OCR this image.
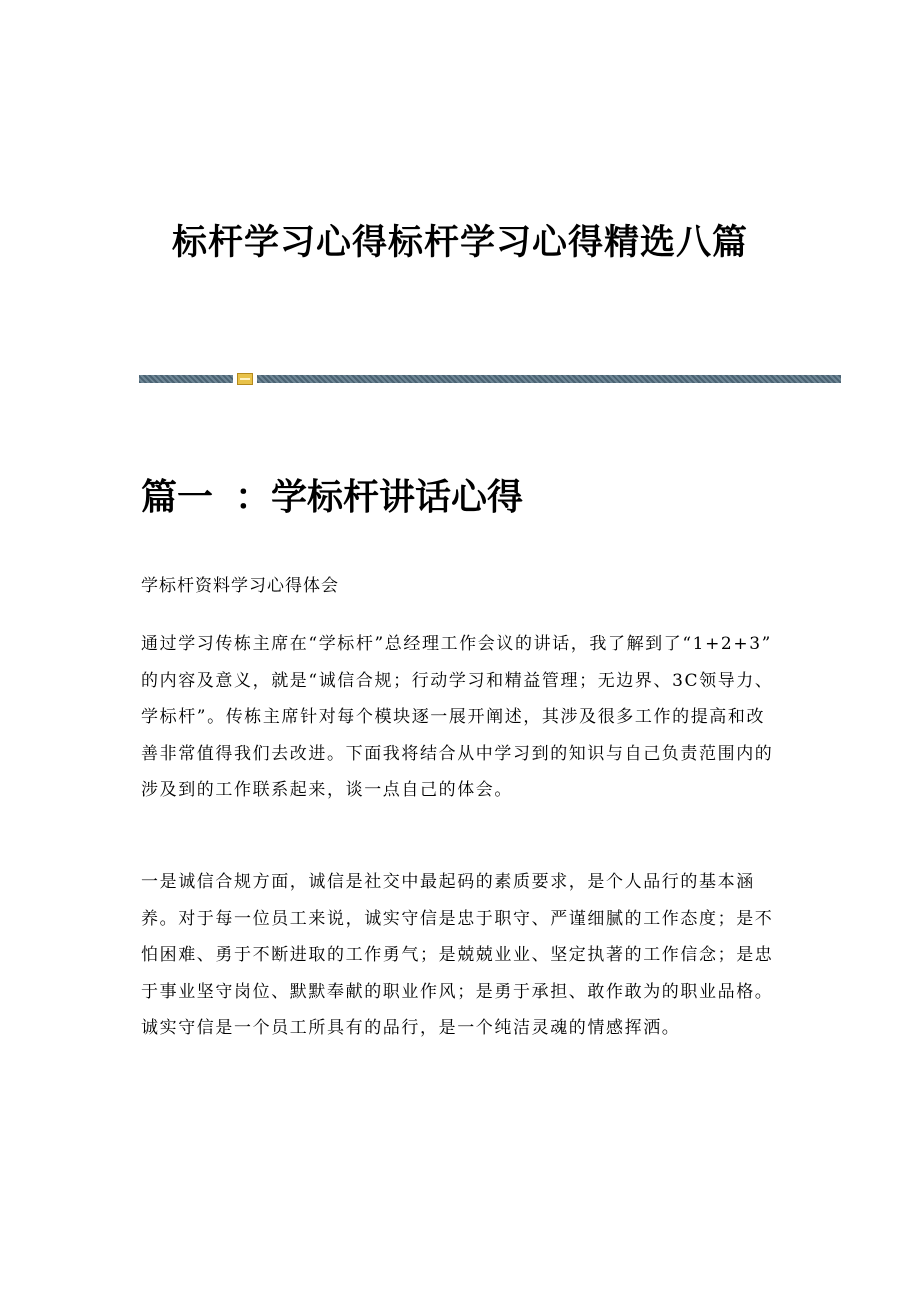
标杆学习心得标杆学习心得精选八篇
篇一 ：学标杆讲话心得
学标杆资料学习心得体会
通过学习传栋主席在“学标杆”总经理工作会议的讲话，我了解到了“1+2+3”
的内容及意义，就是“诚信合规；行动学习和精益管理；无边界、3C领导力、
学标杆”。传栋主席针对每个模块逐一展开阐述，其涉及很多工作的提高和改
善非常值得我们去改进。下面我将结合从中学习到的知识与自己负责范围内的
涉及到的工作联系起来，谈一点自己的体会。
一是诚信合规方面，诚信是社交中最起码的素质要求，是个人品行的基本涵
养。对于每一位员工来说，诚实守信是忠于职守、严谨细腻的工作态度；是不
怕困难、勇于不断进取的工作勇气；是兢兢业业、坚定执著的工作信念；是忠
于事业坚守岗位、默默奉献的职业作风；是勇于承担、敢作敢为的职业品格。
诚实守信是一个员工所具有的品行，是一个纯洁灵魂的情感挥洒。
